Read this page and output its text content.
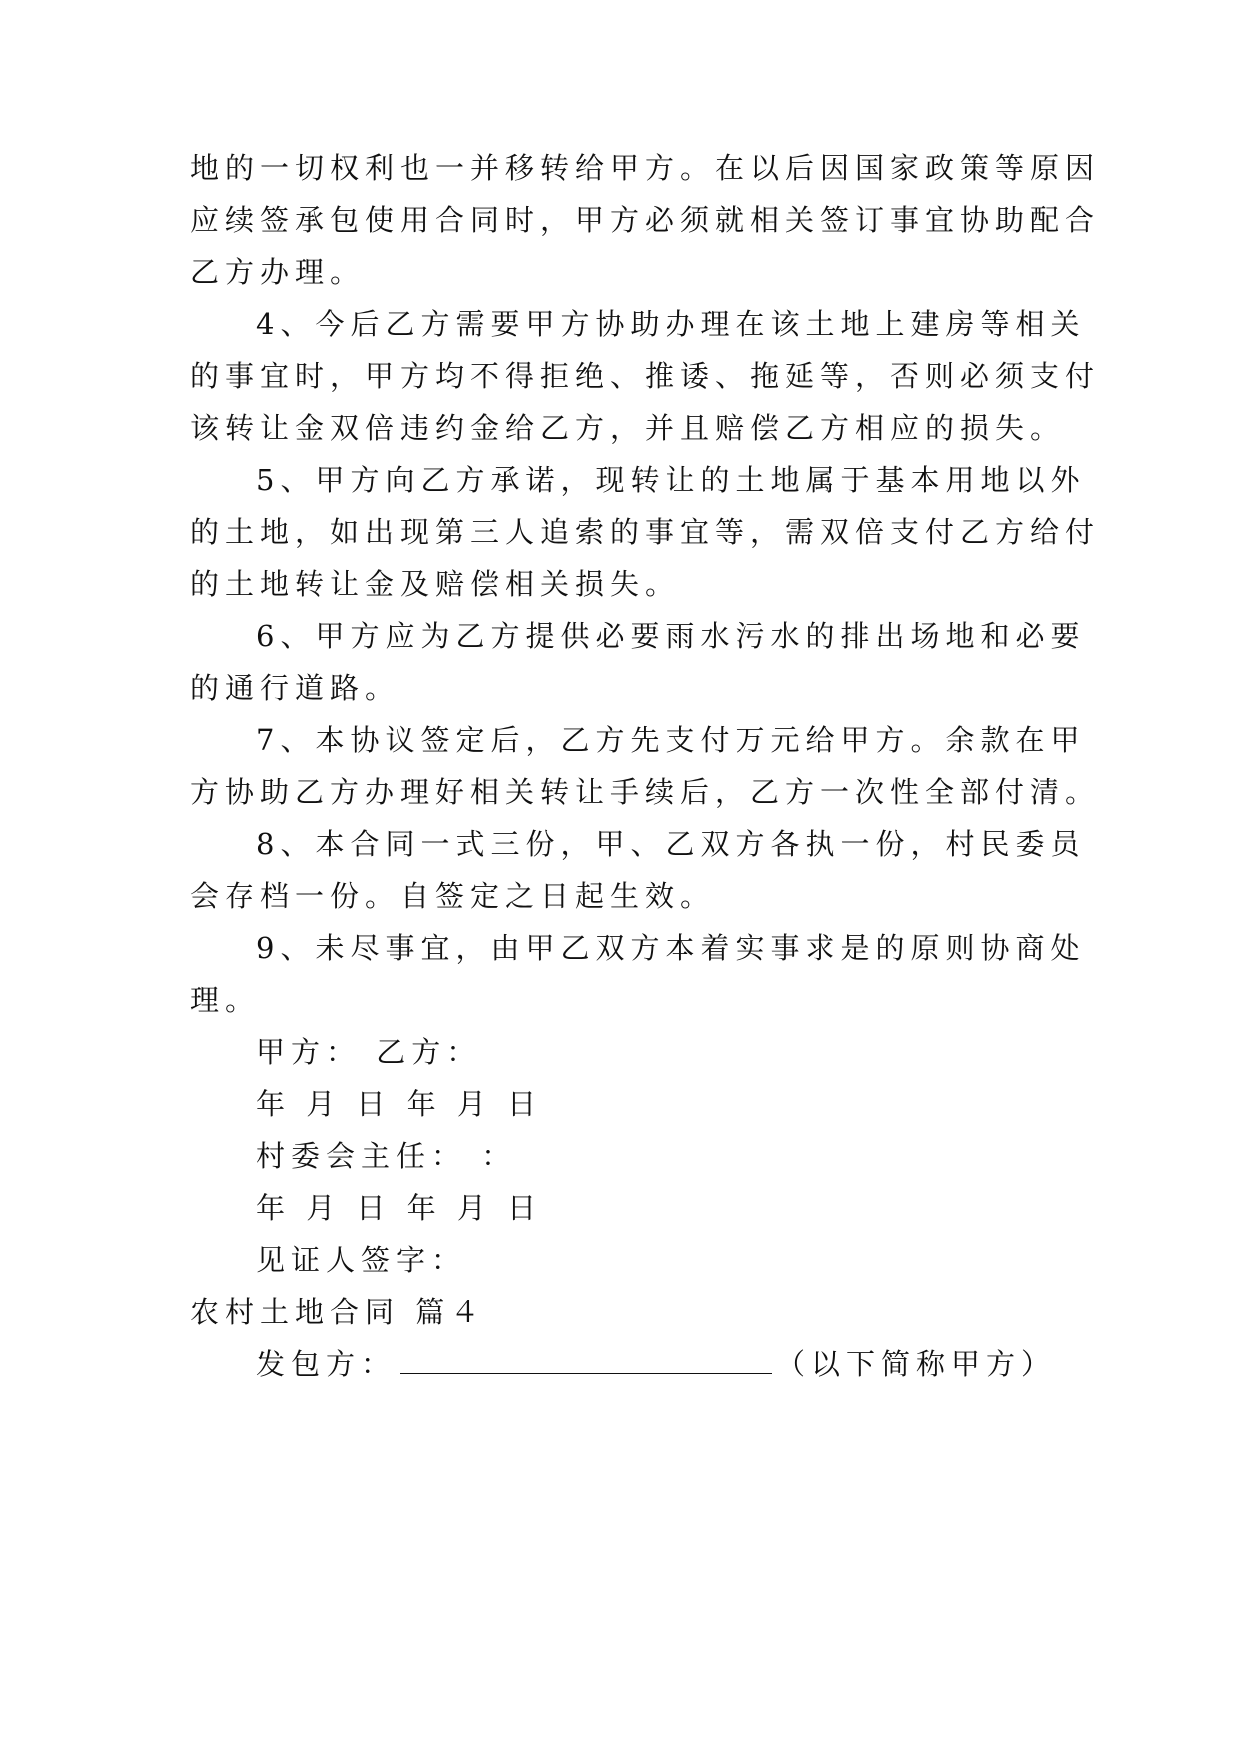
地的一切权利也一并移转给甲方。在以后因国家政策等原因
应续签承包使用合同时，甲方必须就相关签订事宜协助配合
乙方办理。
4、今后乙方需要甲方协助办理在该土地上建房等相关
的事宜时，甲方均不得拒绝、推诿、拖延等，否则必须支付
该转让金双倍违约金给乙方，并且赔偿乙方相应的损失。
5、甲方向乙方承诺，现转让的土地属于基本用地以外
的土地，如出现第三人追索的事宜等，需双倍支付乙方给付
的土地转让金及赔偿相关损失。
6、甲方应为乙方提供必要雨水污水的排出场地和必要
的通行道路。
7、本协议签定后，乙方先支付万元给甲方。余款在甲
方协助乙方办理好相关转让手续后，乙方一次性全部付清。
8、本合同一式三份，甲、乙双方各执一份，村民委员
会存档一份。自签定之日起生效。
9、未尽事宜，由甲乙双方本着实事求是的原则协商处
理。
甲方： 乙方：
年 月 日 年 月 日
村委会主任： ：
年 月 日 年 月 日
见证人签字：
农村土地合同 篇４
发包方：	（以下简称甲方）
